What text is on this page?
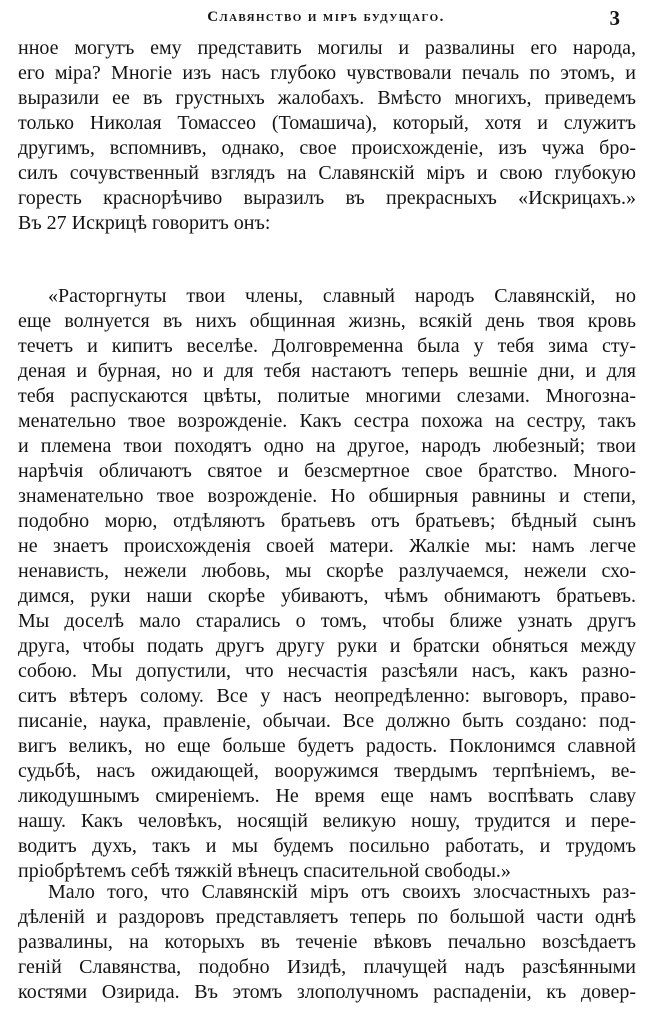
Славянство и міръ будущаго.	3
нное могутъ ему представить могилы и развалины его народа,
его міра? Многіе изъ насъ глубоко чувствовали печаль по этомъ, и
выразили ее въ грустныхъ жалобахъ. Вмѣсто многихъ, приведемъ
только Николая Томассео (Томашича), который, хотя и служитъ
другимъ, вспомнивъ, однако, свое происхожденіе, изъ чужа бро-
силъ сочувственный взглядъ на Славянскій міръ и свою глубокую
горесть краснорѣчиво выразилъ въ прекрасныхъ «Искрицахъ.»
Въ 27 Искрицѣ говоритъ онъ:
«Расторгнуты твои члены, славный народъ Славянскій, но
еще волнуется въ нихъ общинная жизнь, всякій день твоя кровь
течетъ и кипитъ веселѣе. Долговременна была у тебя зима сту-
деная и бурная, но и для тебя настаютъ теперь вешніе дни, и для
тебя распускаются цвѣты, политые многими слезами. Многозна-
менательно твое возрожденіе. Какъ сестра похожа на сестру, такъ
и племена твои походятъ одно на другое, народъ любезный; твои
нарѣчія обличаютъ святое и безсмертное свое братство. Много-
знаменательно твое возрожденіе. Но обширныя равнины и степи,
подобно морю, отдѣляютъ братьевъ отъ братьевъ; бѣдный сынъ
не знаетъ происхожденія своей матери. Жалкіе мы: намъ легче
ненависть, нежели любовь, мы скорѣе разлучаемся, нежели схо-
димся, руки наши скорѣе убиваютъ, чѣмъ обнимаютъ братьевъ.
Мы доселѣ мало старались о томъ, чтобы ближе узнать другъ
друга, чтобы подать другъ другу руки и братски обняться между
собою. Мы допустили, что несчастія разсѣяли насъ, какъ разно-
ситъ вѣтеръ солому. Все у насъ неопредѣленно: выговоръ, право-
писаніе, наука, правленіе, обычаи. Все должно быть создано: под-
вигъ великъ, но еще больше будетъ радость. Поклонимся славной
судьбѣ, насъ ожидающей, вооружимся твердымъ терпѣніемъ, ве-
ликодушнымъ смиреніемъ. Не время еще намъ воспѣвать славу
нашу. Какъ человѣкъ, носящій великую ношу, трудится и пере-
водитъ духъ, такъ и мы будемъ посильно работать, и трудомъ
пріобрѣтемъ себѣ тяжкій вѣнецъ спасительной свободы.»
Мало того, что Славянскій міръ отъ своихъ злосчастныхъ раз-
дѣленій и раздоровъ представляетъ теперь по большой части однѣ
развалины, на которыхъ въ теченіе вѣковъ печально возсѣдаетъ
геній Славянства, подобно Изидѣ, плачущей надъ разсѣянными
костями Озирида. Въ этомъ злополучномъ распаденіи, къ довер-
